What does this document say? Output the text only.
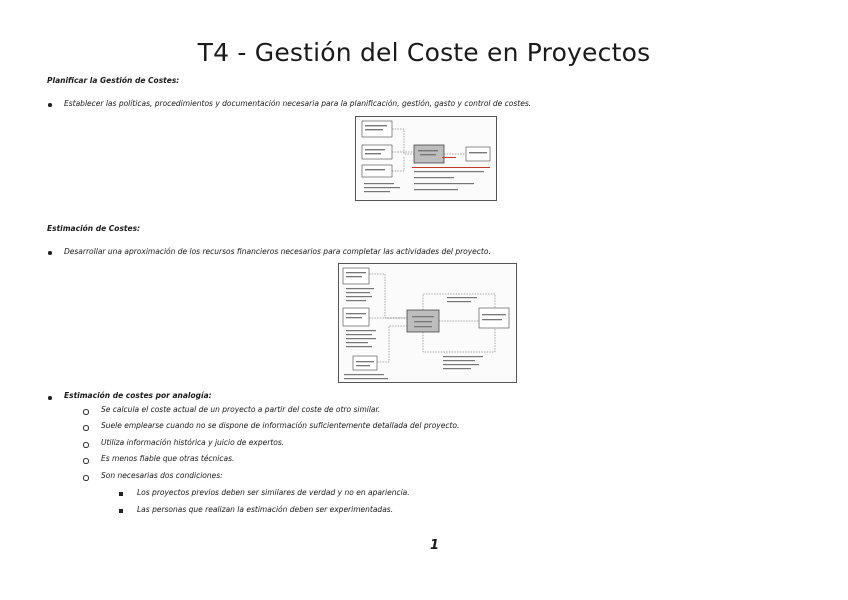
T4 - Gestión del Coste en Proyectos
Planificar la Gestión de Costes:
Establecer las políticas, procedimientos y documentación necesaria para la planificación, gestión, gasto y control de costes.
Estimación de Costes:
Desarrollar una aproximación de los recursos financieros necesarios para completar las actividades del proyecto.
Estimación de costes por analogía:
Se calcula el coste actual de un proyecto a partir del coste de otro similar.
Suele emplearse cuando no se dispone de información suficientemente detallada del proyecto.
Utiliza información histórica y juicio de expertos.
Es menos fiable que otras técnicas.
Son necesarias dos condiciones:
Los proyectos previos deben ser similares de verdad y no en apariencia.
Las personas que realizan la estimación deben ser experimentadas.
1
